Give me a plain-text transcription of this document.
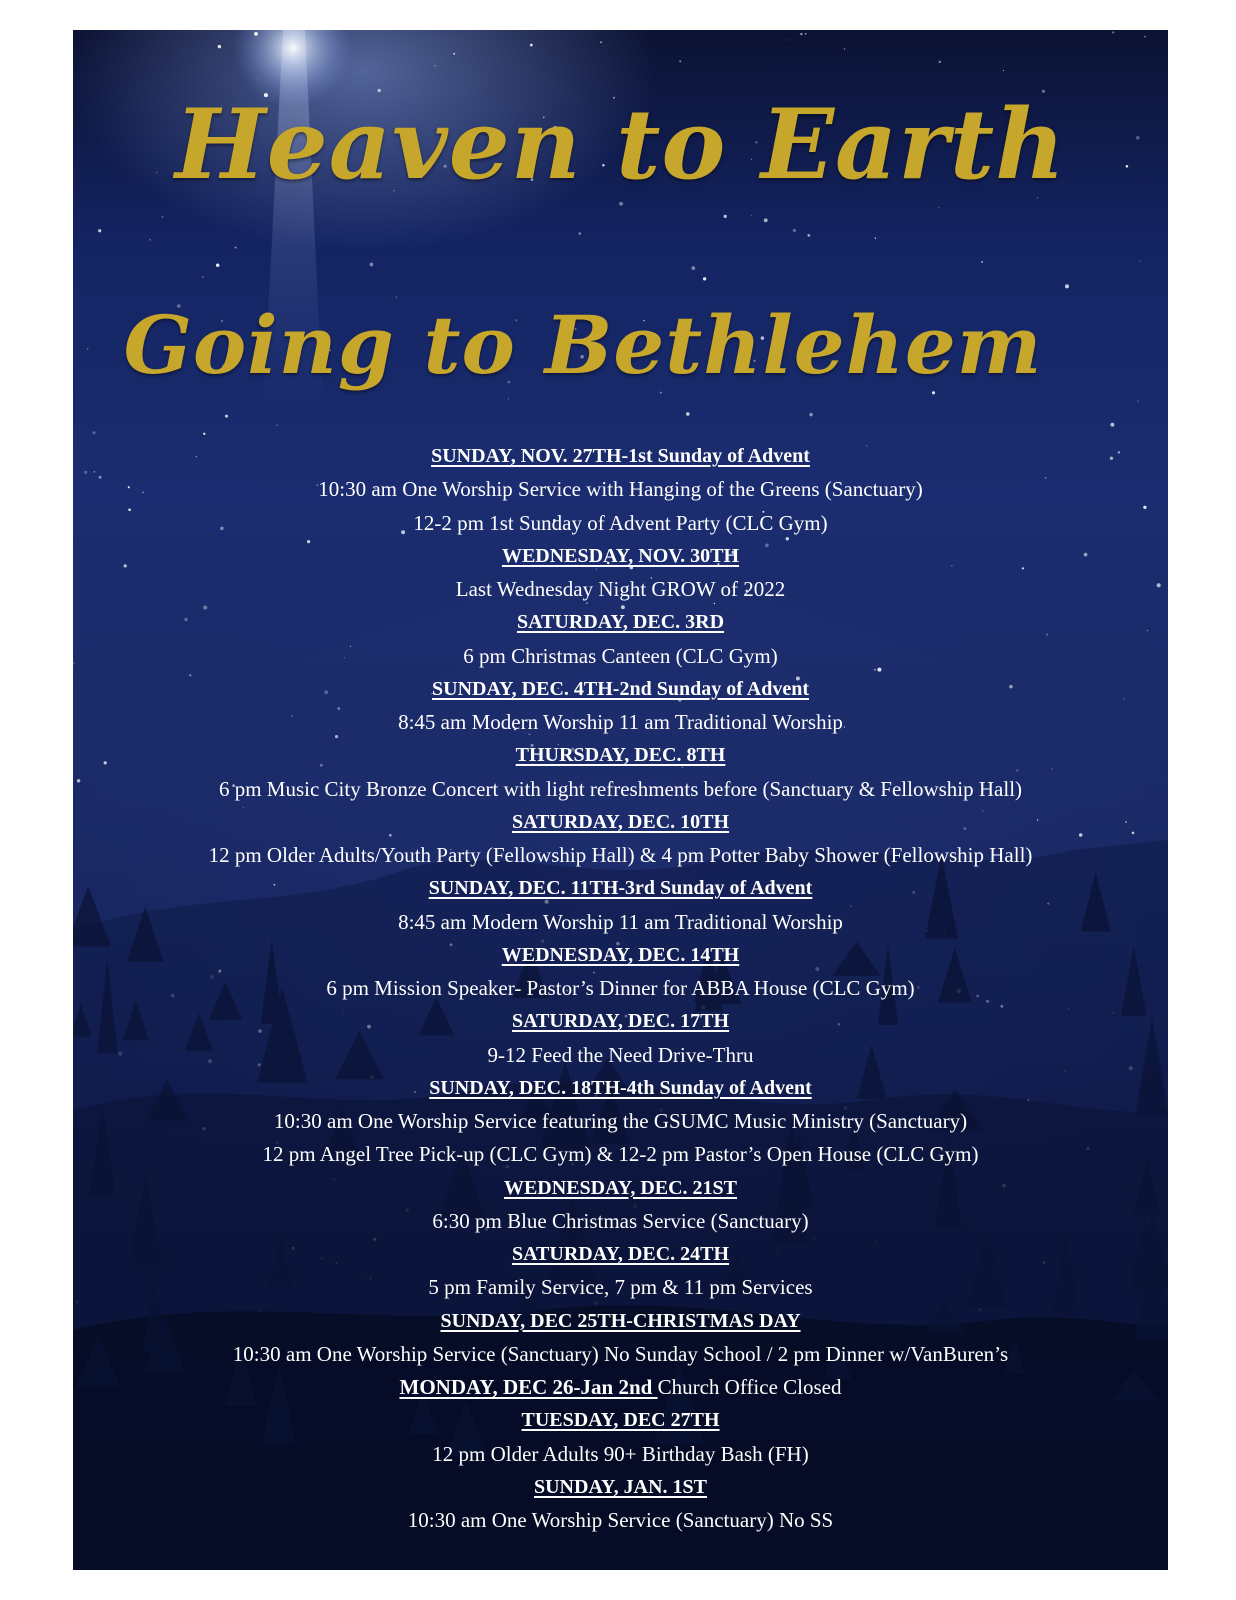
Heaven to Earth
Going to Bethlehem
SUNDAY, NOV. 27TH-1st Sunday of Advent
10:30 am One Worship Service with Hanging of the Greens (Sanctuary)
12-2 pm 1st Sunday of Advent Party (CLC Gym)
WEDNESDAY, NOV. 30TH
Last Wednesday Night GROW of 2022
SATURDAY, DEC. 3RD
6 pm Christmas Canteen (CLC Gym)
SUNDAY, DEC. 4TH-2nd Sunday of Advent
8:45 am Modern Worship 11 am Traditional Worship
THURSDAY, DEC. 8TH
6 pm Music City Bronze Concert with light refreshments before (Sanctuary & Fellowship Hall)
SATURDAY, DEC. 10TH
12 pm Older Adults/Youth Party (Fellowship Hall) & 4 pm Potter Baby Shower (Fellowship Hall)
SUNDAY, DEC. 11TH-3rd Sunday of Advent
8:45 am Modern Worship 11 am Traditional Worship
WEDNESDAY, DEC. 14TH
6 pm Mission Speaker- Pastor’s Dinner for ABBA House (CLC Gym)
SATURDAY, DEC. 17TH
9-12 Feed the Need Drive-Thru
SUNDAY, DEC. 18TH-4th Sunday of Advent
10:30 am One Worship Service featuring the GSUMC Music Ministry (Sanctuary)
12 pm Angel Tree Pick-up (CLC Gym) & 12-2 pm Pastor’s Open House (CLC Gym)
WEDNESDAY, DEC. 21ST
6:30 pm Blue Christmas Service (Sanctuary)
SATURDAY, DEC. 24TH
5 pm Family Service, 7 pm & 11 pm Services
SUNDAY, DEC 25TH-CHRISTMAS DAY
10:30 am One Worship Service (Sanctuary) No Sunday School / 2 pm Dinner w/VanBuren’s
MONDAY, DEC 26-Jan 2nd Church Office Closed
TUESDAY, DEC 27TH
12 pm Older Adults 90+ Birthday Bash (FH)
SUNDAY, JAN. 1ST
10:30 am One Worship Service (Sanctuary) No SS
